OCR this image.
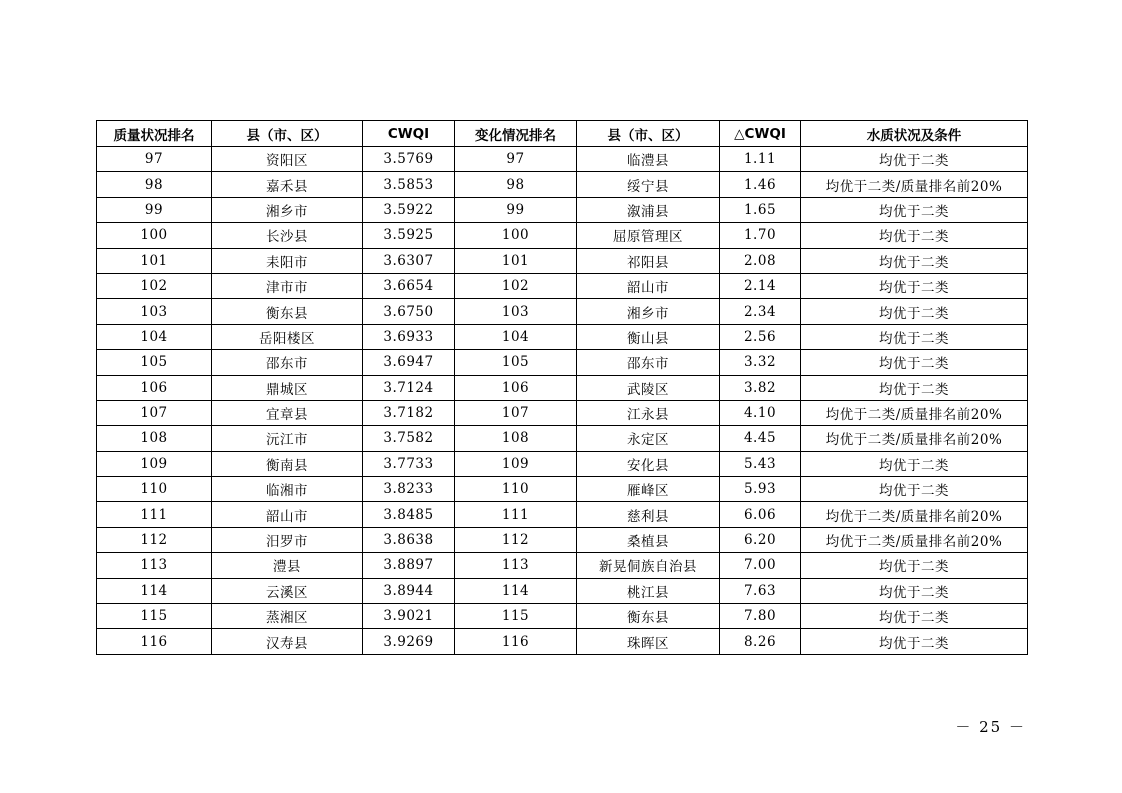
质量状况排名	县（市、区）	CWQI	变化情况排名	县（市、区）	△CWQI	水质状况及条件
97	资阳区	3.5769	97	临澧县	1.11	均优于二类
98	嘉禾县	3.5853	98	绥宁县	1.46	均优于二类/质量排名前20%
99	湘乡市	3.5922	99	溆浦县	1.65	均优于二类
100	长沙县	3.5925	100	屈原管理区	1.70	均优于二类
101	耒阳市	3.6307	101	祁阳县	2.08	均优于二类
102	津市市	3.6654	102	韶山市	2.14	均优于二类
103	衡东县	3.6750	103	湘乡市	2.34	均优于二类
104	岳阳楼区	3.6933	104	衡山县	2.56	均优于二类
105	邵东市	3.6947	105	邵东市	3.32	均优于二类
106	鼎城区	3.7124	106	武陵区	3.82	均优于二类
107	宜章县	3.7182	107	江永县	4.10	均优于二类/质量排名前20%
108	沅江市	3.7582	108	永定区	4.45	均优于二类/质量排名前20%
109	衡南县	3.7733	109	安化县	5.43	均优于二类
110	临湘市	3.8233	110	雁峰区	5.93	均优于二类
111	韶山市	3.8485	111	慈利县	6.06	均优于二类/质量排名前20%
112	汨罗市	3.8638	112	桑植县	6.20	均优于二类/质量排名前20%
113	澧县	3.8897	113	新晃侗族自治县	7.00	均优于二类
114	云溪区	3.8944	114	桃江县	7.63	均优于二类
115	蒸湘区	3.9021	115	衡东县	7.80	均优于二类
116	汉寿县	3.9269	116	珠晖区	8.26	均优于二类
－ 25 －
